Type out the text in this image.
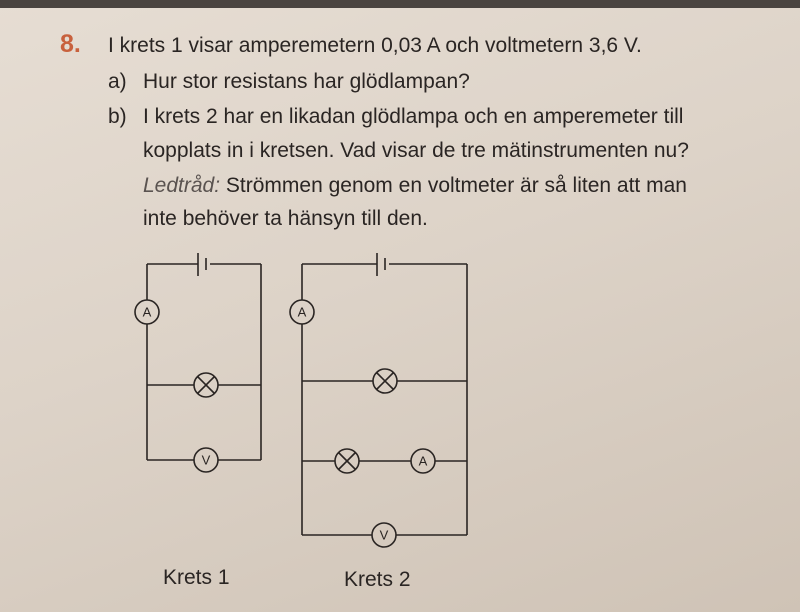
8. I krets 1 visar amperemetern 0,03 A och voltmetern 3,6 V.
a) Hur stor resistans har glödlampan?
b) I krets 2 har en likadan glödlampa och en amperemeter till
kopplats in i kretsen. Vad visar de tre mätinstrumenten nu?
Ledtråd: Strömmen genom en voltmeter är så liten att man
inte behöver ta hänsyn till den.
A
V
A
A
V
Krets 1	Krets 2
